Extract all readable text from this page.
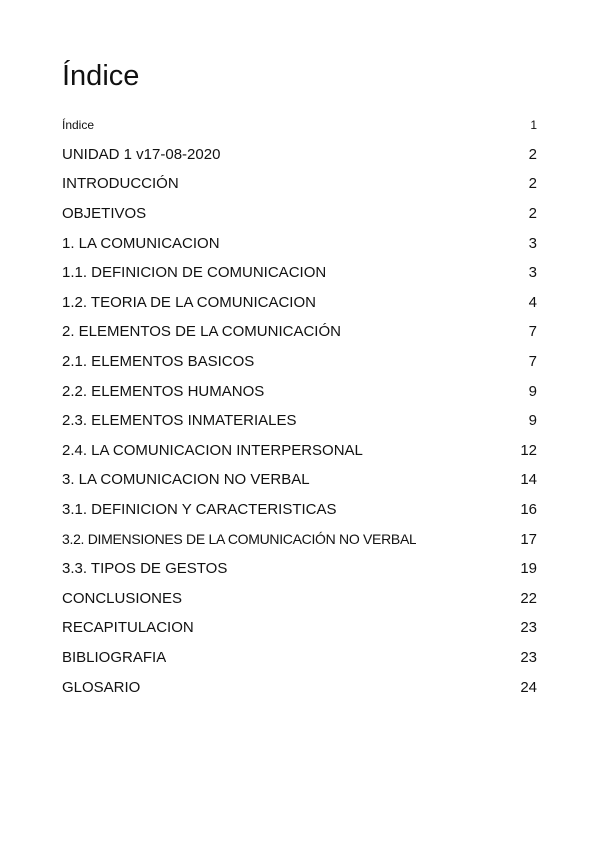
Índice
Índice	1
UNIDAD 1 v17-08-2020	2
INTRODUCCIÓN	2
OBJETIVOS	2
1. LA COMUNICACION	3
1.1. DEFINICION DE COMUNICACION	3
1.2. TEORIA DE LA COMUNICACION	4
2. ELEMENTOS DE LA COMUNICACIÓN	7
2.1. ELEMENTOS BASICOS	7
2.2. ELEMENTOS HUMANOS	9
2.3. ELEMENTOS INMATERIALES	9
2.4. LA COMUNICACION INTERPERSONAL	12
3. LA COMUNICACION NO VERBAL	14
3.1. DEFINICION Y CARACTERISTICAS	16
3.2. DIMENSIONES DE LA COMUNICACIÓN NO VERBAL	17
3.3. TIPOS DE GESTOS	19
CONCLUSIONES	22
RECAPITULACION	23
BIBLIOGRAFIA	23
GLOSARIO	24
